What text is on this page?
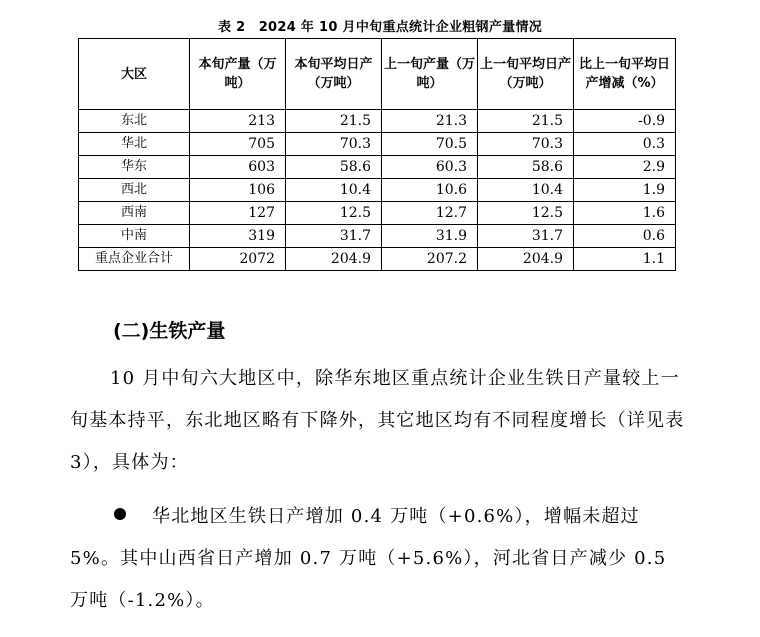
表 2　2024 年 10 月中旬重点统计企业粗钢产量情况
大区	本旬产量（万吨）	本旬平均日产（万吨）	上一旬产量（万吨）	上一旬平均日产（万吨）	比上一旬平均日产增减（%）
东北	213	21.5	21.3	21.5	-0.9
华北	705	70.3	70.5	70.3	0.3
华东	603	58.6	60.3	58.6	2.9
西北	106	10.4	10.6	10.4	1.9
西南	127	12.5	12.7	12.5	1.6
中南	319	31.7	31.9	31.7	0.6
重点企业合计	2072	204.9	207.2	204.9	1.1
(二)生铁产量

10 月中旬六大地区中，除华东地区重点统计企业生铁日产量较上一旬基本持平，东北地区略有下降外，其它地区均有不同程度增长（详见表 3），具体为：

华北地区生铁日产增加 0.4 万吨（+0.6%），增幅未超过 5%。其中山西省日产增加 0.7 万吨（+5.6%），河北省日产减少 0.5 万吨（-1.2%）。
